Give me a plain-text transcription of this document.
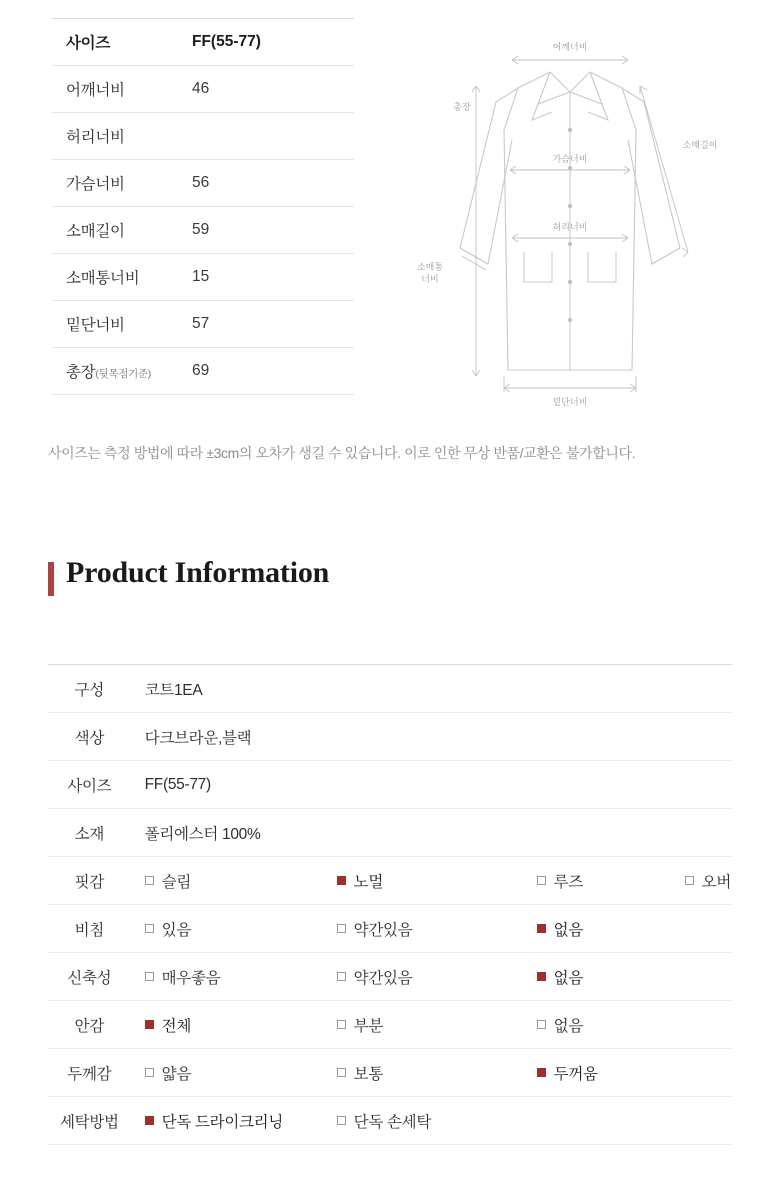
사이즈	FF(55-77)
어깨너비	46
허리너비	
가슴너비	56
소매길이	59
소매통너비	15
밑단너비	57
총장(뒷목점기준)	69
어깨너비
총장
가슴너비
소매길이
허리너비
소매통
너비
밑단너비
사이즈는 측정 방법에 따라 ±3cm의 오차가 생길 수 있습니다. 이로 인한 무상 반품/교환은 불가합니다.
Product Information
구성	코트1EA
색상	다크브라운,블랙
사이즈	FF(55-77)
소재	폴리에스터 100%
핏감	슬림 노멀 루즈 오버

비침	있음 약간있음 없음

신축성	매우좋음 약간있음 없음

안감	전체 부분 없음

두께감	얇음 보통 두꺼움

세탁방법	단독 드라이크리닝 단독 손세탁
